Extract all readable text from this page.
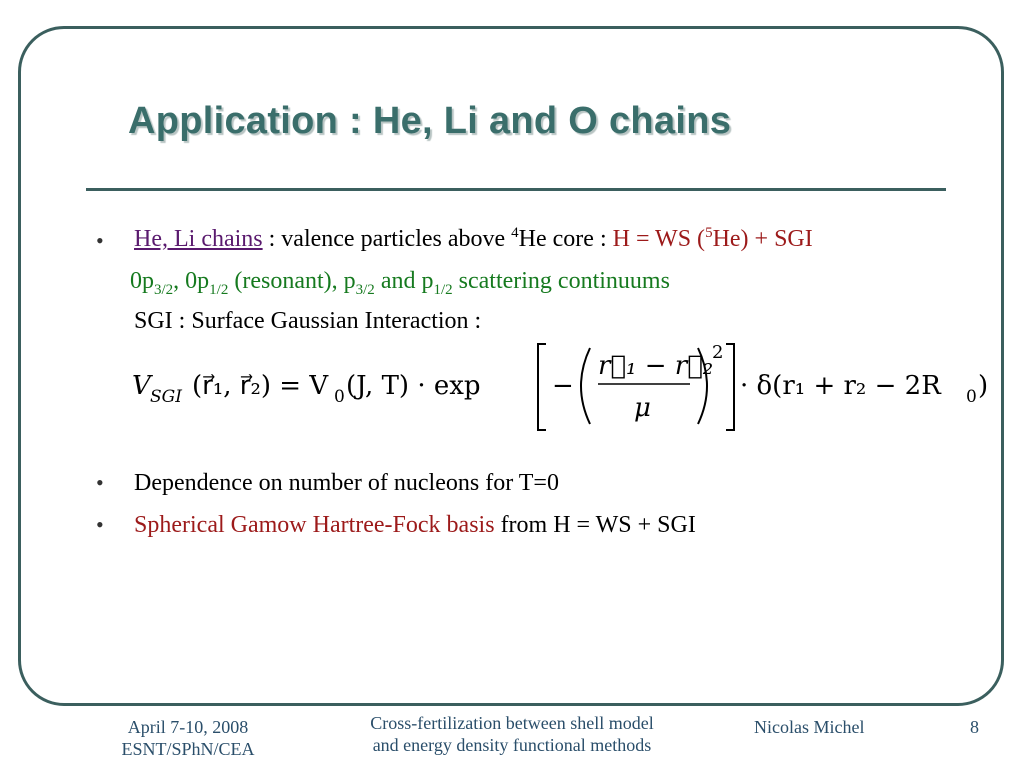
Application : He, Li and O chains
• He, Li chains : valence particles above $^4$He core : H = WS ($^5$He) + SGI
$0p_{3/2}$, $0p_{1/2}$ (resonant), $p_{3/2}$ and $p_{1/2}$ scattering continuums
SGI : Surface Gaussian Interaction :
V SGI (r⃗₁, r⃗₂) = V 0 (J, T) · exp	−
r⃗₁ − r⃗₂
μ
2
· δ(r₁ + r₂ − 2R 0 )
• Dependence on number of nucleons for T=0
• Spherical Gamow Hartree-Fock basis from H = WS + SGI
April 7-10, 2008
ESNT/SPhN/CEA
Cross-fertilization between shell model
and energy density functional methods
Nicolas Michel	8
